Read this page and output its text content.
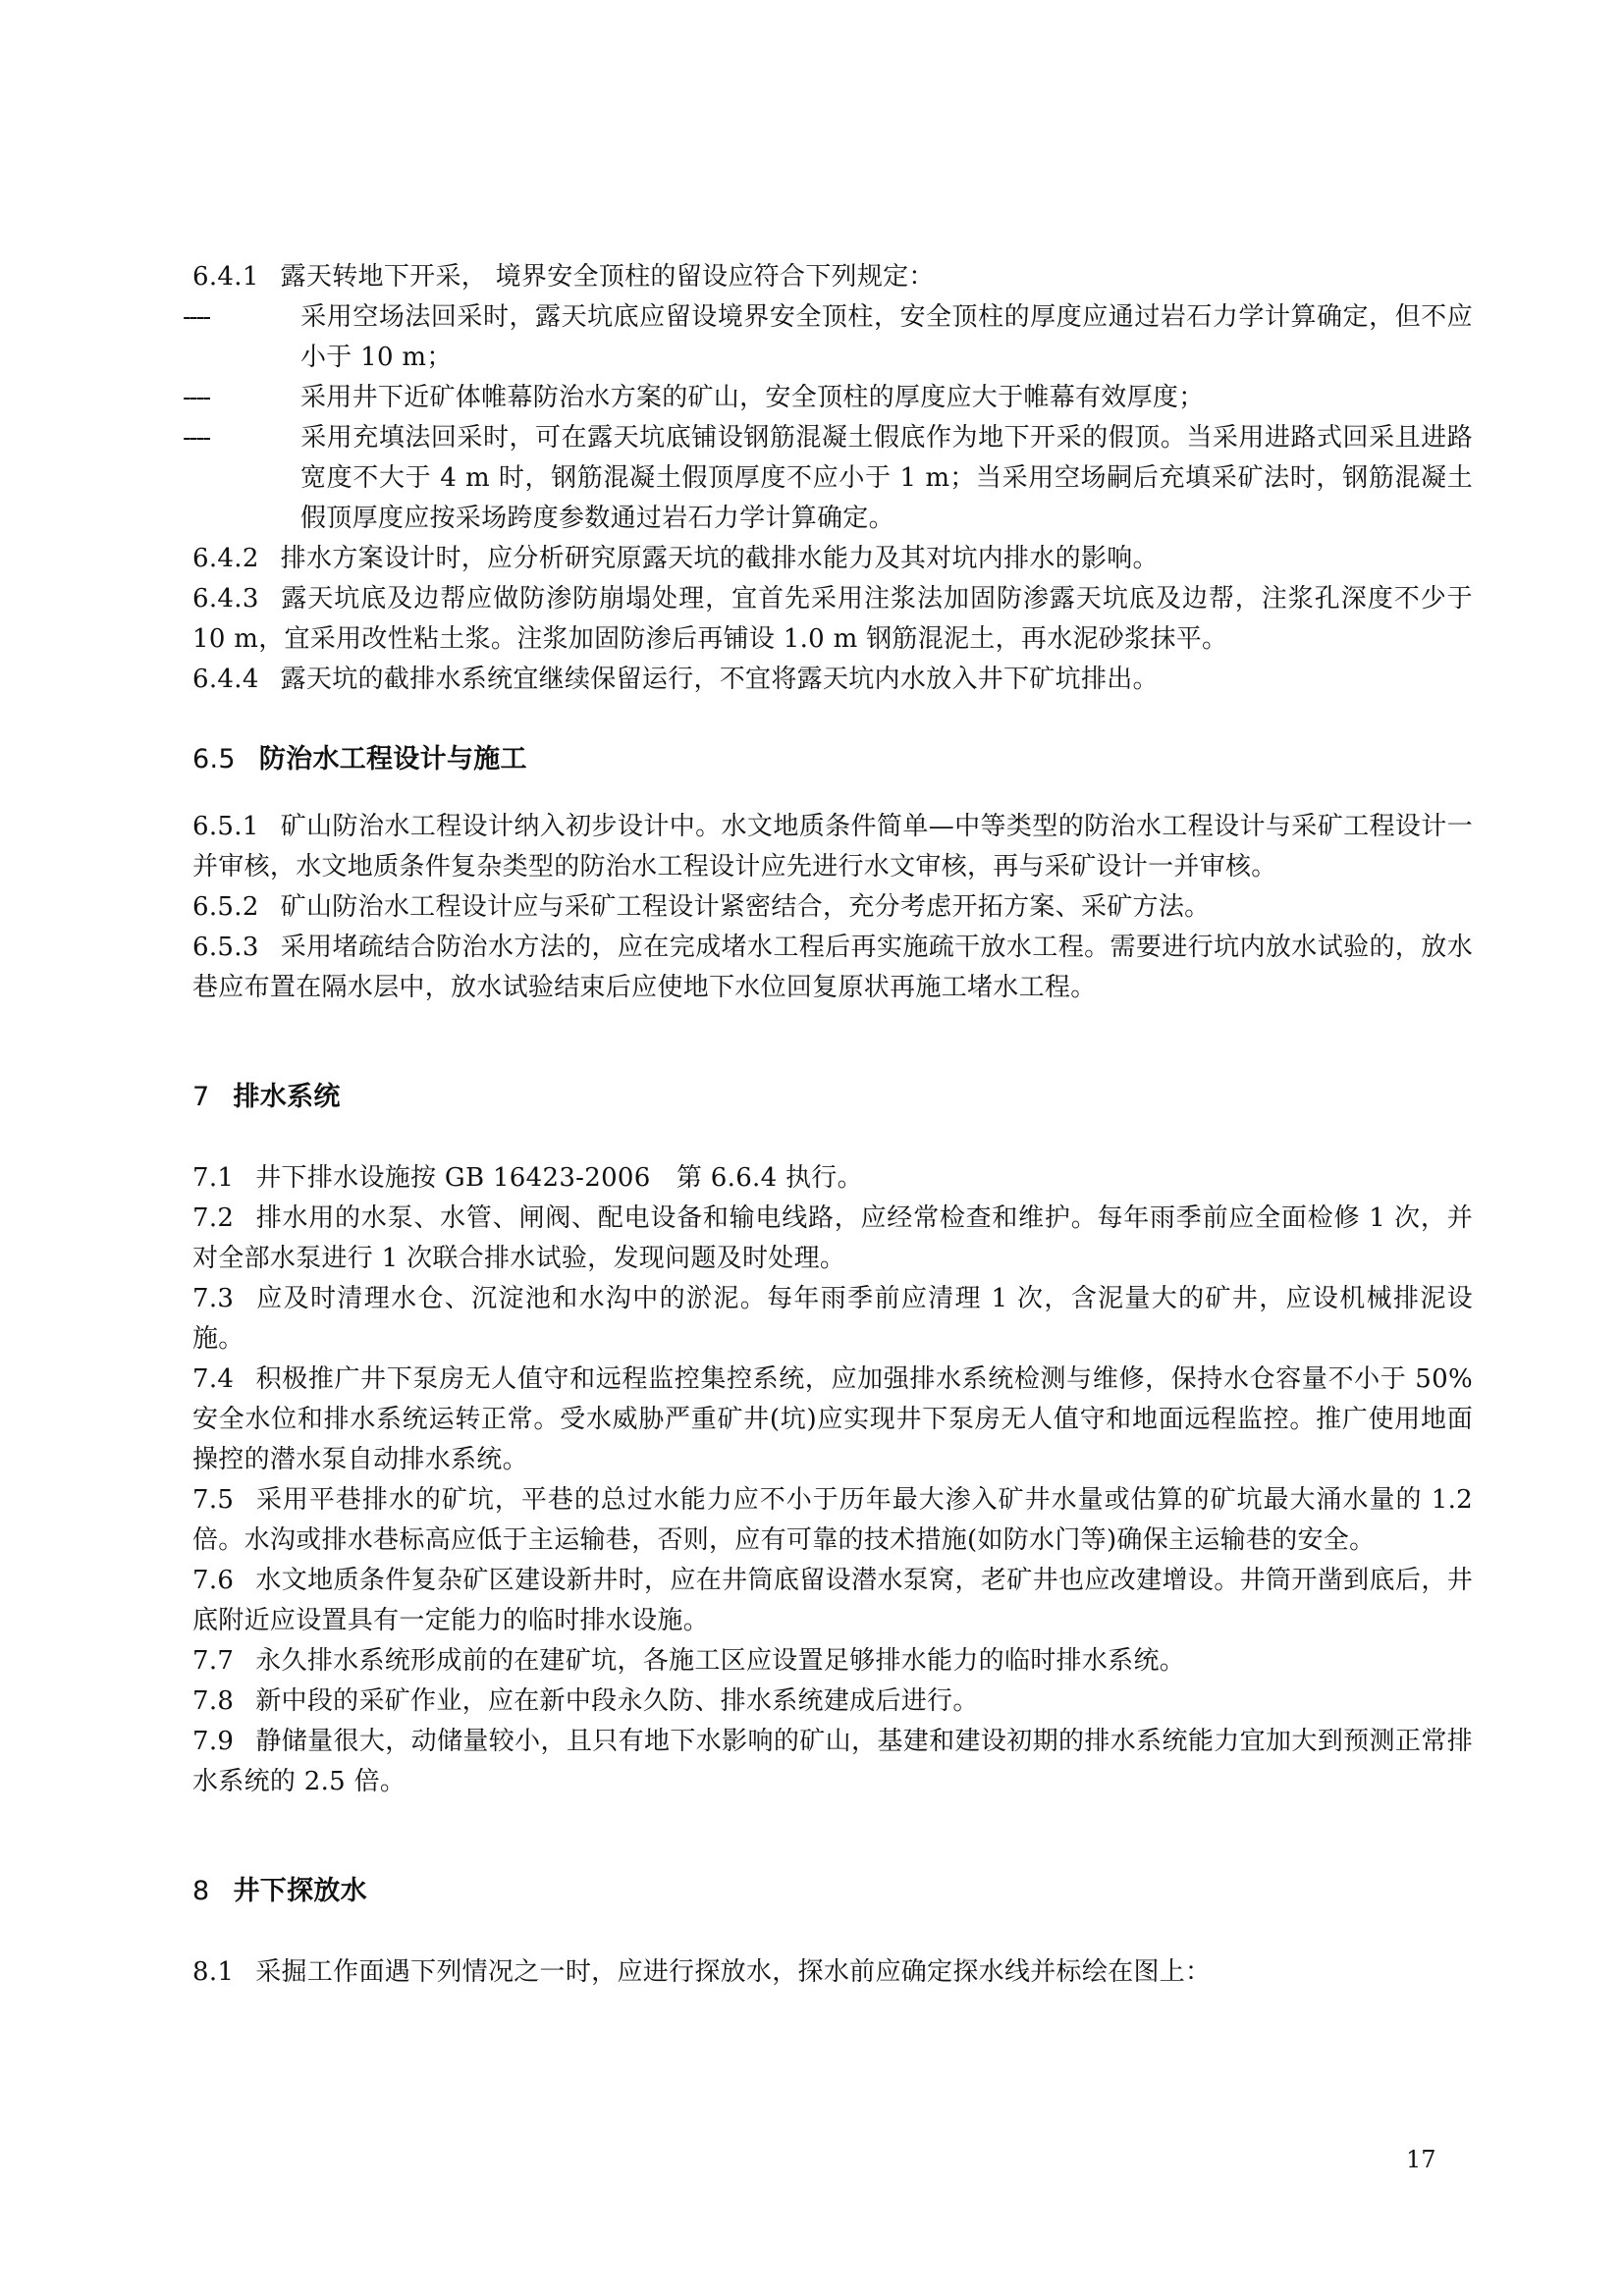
6.4.1 露天转地下开采， 境界安全顶柱的留设应符合下列规定：

----	采用空场法回采时，露天坑底应留设境界安全顶柱，安全顶柱的厚度应通过岩石力学计算确定，但不应小于 10 m；

----	采用井下近矿体帷幕防治水方案的矿山，安全顶柱的厚度应大于帷幕有效厚度；

----	采用充填法回采时，可在露天坑底铺设钢筋混凝土假底作为地下开采的假顶。当采用进路式回采且进路宽度不大于 4 m 时，钢筋混凝土假顶厚度不应小于 1 m；当采用空场嗣后充填采矿法时，钢筋混凝土假顶厚度应按采场跨度参数通过岩石力学计算确定。

6.4.2 排水方案设计时，应分析研究原露天坑的截排水能力及其对坑内排水的影响。

6.4.3 露天坑底及边帮应做防渗防崩塌处理，宜首先采用注浆法加固防渗露天坑底及边帮，注浆孔深度不少于 10 m，宜采用改性粘土浆。注浆加固防渗后再铺设 1.0 m 钢筋混泥土，再水泥砂浆抹平。

6.4.4 露天坑的截排水系统宜继续保留运行，不宜将露天坑内水放入井下矿坑排出。

6.5 防治水工程设计与施工

6.5.1 矿山防治水工程设计纳入初步设计中。水文地质条件简单—中等类型的防治水工程设计与采矿工程设计一并审核，水文地质条件复杂类型的防治水工程设计应先进行水文审核，再与采矿设计一并审核。

6.5.2 矿山防治水工程设计应与采矿工程设计紧密结合，充分考虑开拓方案、采矿方法。

6.5.3 采用堵疏结合防治水方法的，应在完成堵水工程后再实施疏干放水工程。需要进行坑内放水试验的，放水巷应布置在隔水层中，放水试验结束后应使地下水位回复原状再施工堵水工程。

7 排水系统

7.1 井下排水设施按 GB 16423-2006　第 6.6.4 执行。

7.2 排水用的水泵、水管、闸阀、配电设备和输电线路，应经常检查和维护。每年雨季前应全面检修 1 次，并对全部水泵进行 1 次联合排水试验，发现问题及时处理。

7.3 应及时清理水仓、沉淀池和水沟中的淤泥。每年雨季前应清理 1 次，含泥量大的矿井，应设机械排泥设施。

7.4 积极推广井下泵房无人值守和远程监控集控系统，应加强排水系统检测与维修，保持水仓容量不小于 50%安全水位和排水系统运转正常。受水威胁严重矿井(坑)应实现井下泵房无人值守和地面远程监控。推广使用地面操控的潜水泵自动排水系统。

7.5 采用平巷排水的矿坑，平巷的总过水能力应不小于历年最大渗入矿井水量或估算的矿坑最大涌水量的 1.2 倍。水沟或排水巷标高应低于主运输巷，否则，应有可靠的技术措施(如防水门等)确保主运输巷的安全。

7.6 水文地质条件复杂矿区建设新井时，应在井筒底留设潜水泵窝，老矿井也应改建增设。井筒开凿到底后，井底附近应设置具有一定能力的临时排水设施。

7.7 永久排水系统形成前的在建矿坑，各施工区应设置足够排水能力的临时排水系统。

7.8 新中段的采矿作业，应在新中段永久防、排水系统建成后进行。

7.9 静储量很大，动储量较小，且只有地下水影响的矿山，基建和建设初期的排水系统能力宜加大到预测正常排水系统的 2.5 倍。

8 井下探放水

8.1 采掘工作面遇下列情况之一时，应进行探放水，探水前应确定探水线并标绘在图上：

17
